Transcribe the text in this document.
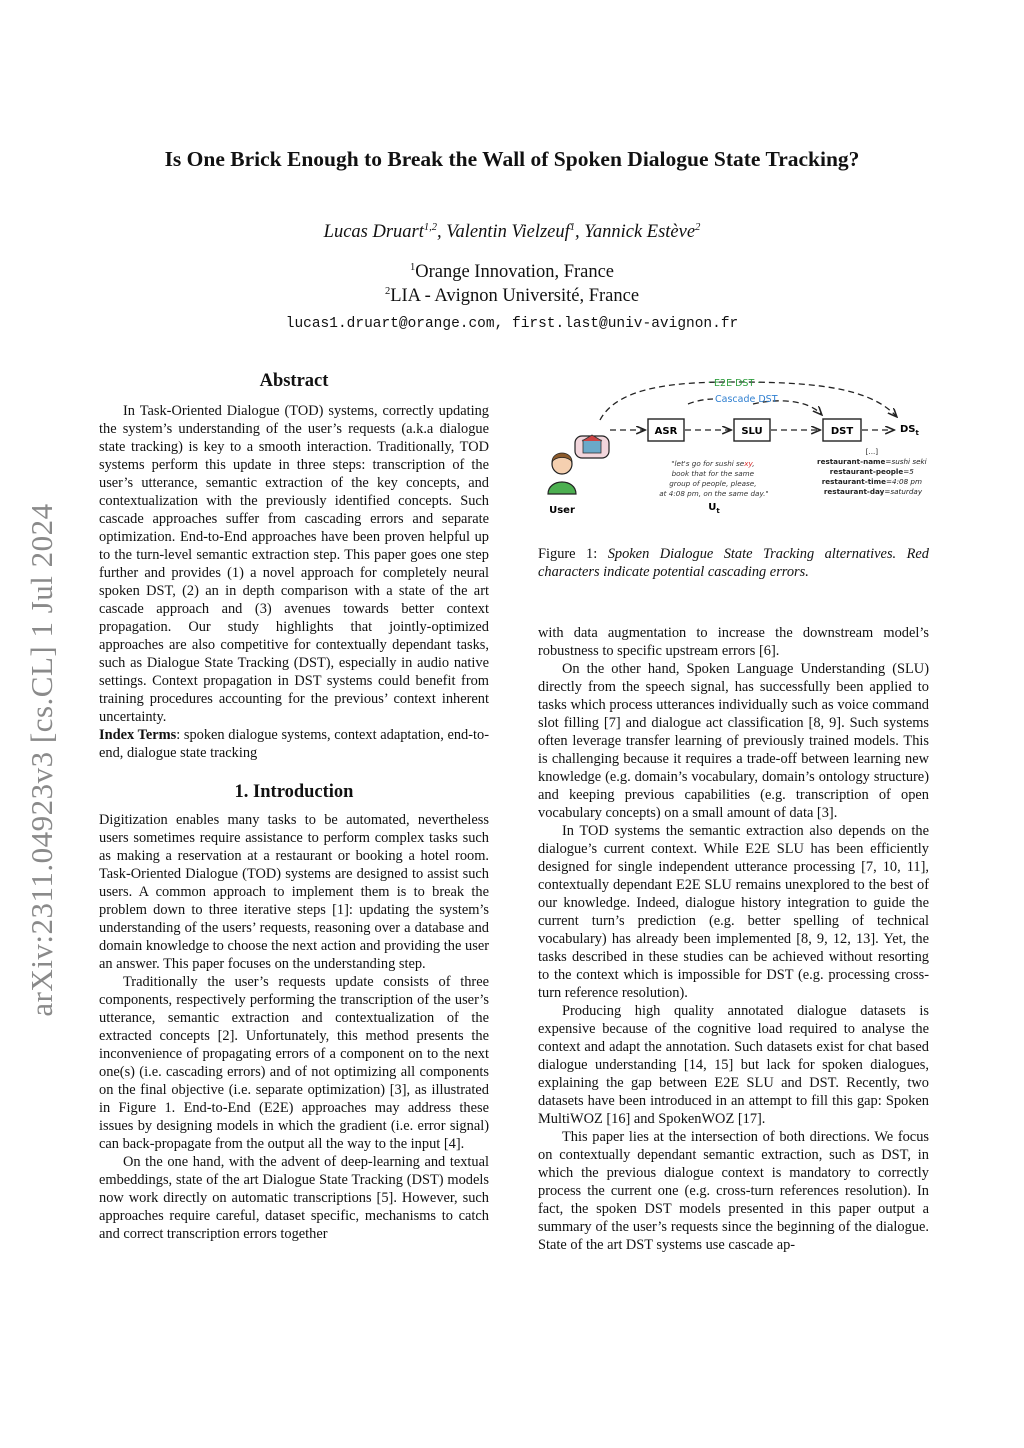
arXiv:2311.04923v3 [cs.CL] 1 Jul 2024
Is One Brick Enough to Break the Wall of Spoken Dialogue State Tracking?
Lucas Druart$^{1,2}$, Valentin Vielzeuf$^1$, Yannick Estève$^2$
$^1$Orange Innovation, France
$^2$LIA - Avignon Université, France
lucas1.druart@orange.com, first.last@univ-avignon.fr

Abstract

In Task-Oriented Dialogue (TOD) systems, correctly updating the system’s understanding of the user’s requests (a.k.a dialogue state tracking) is key to a smooth interaction. Traditionally, TOD systems perform this update in three steps: transcription of the user’s utterance, semantic extraction of the key concepts, and contextualization with the previously identified concepts. Such cascade approaches suffer from cascading errors and separate optimization. End-to-End approaches have been proven helpful up to the turn-level semantic extraction step. This paper goes one step further and provides (1) a novel approach for completely neural spoken DST, (2) an in depth comparison with a state of the art cascade approach and (3) avenues towards better context propagation. Our study highlights that jointly-optimized approaches are also competitive for contextually dependant tasks, such as Dialogue State Tracking (DST), especially in audio native settings. Context propagation in DST systems could benefit from training procedures accounting for the previous’ context inherent uncertainty.

Index Terms: spoken dialogue systems, context adaptation, end-to-end, dialogue state tracking

1. Introduction

Digitization enables many tasks to be automated, nevertheless users sometimes require assistance to perform complex tasks such as making a reservation at a restaurant or booking a hotel room. Task-Oriented Dialogue (TOD) systems are designed to assist such users. A common approach to implement them is to break the problem down to three iterative steps [1]: updating the system’s understanding of the users’ requests, reasoning over a database and domain knowledge to choose the next action and providing the user an answer. This paper focuses on the understanding step.

Traditionally the user’s requests update consists of three components, respectively performing the transcription of the user’s utterance, semantic extraction and contextualization of the extracted concepts [2]. Unfortunately, this method presents the inconvenience of propagating errors of a component on to the next one(s) (i.e. cascading errors) and of not optimizing all components on the final objective (i.e. separate optimization) [3], as illustrated in Figure 1. End-to-End (E2E) approaches may address these issues by designing models in which the gradient (i.e. error signal) can back-propagate from the output all the way to the input [4].

On the one hand, with the advent of deep-learning and textual embeddings, state of the art Dialogue State Tracking (DST) models now work directly on automatic transcriptions [5]. However, such approaches require careful, dataset specific, mechanisms to catch and correct transcription errors together

· E2E DST ·
Cascade DST
ASR	SLU	DST	$DS_t$
User
"let's go for sushi sexy, book that for the same group of people, please, at 4:08 pm, on the same day."
$U_t$
[...] restaurant-name=sushi seki restaurant-people=5 restaurant-time=4:08 pm restaurant-day=saturday
Figure 1: Spoken Dialogue State Tracking alternatives. Red characters indicate potential cascading errors.

with data augmentation to increase the downstream model’s robustness to specific upstream errors [6].

On the other hand, Spoken Language Understanding (SLU) directly from the speech signal, has successfully been applied to tasks which process utterances individually such as voice command slot filling [7] and dialogue act classification [8, 9]. Such systems often leverage transfer learning of previously trained models. This is challenging because it requires a trade-off between learning new knowledge (e.g. domain’s vocabulary, domain’s ontology structure) and keeping previous capabilities (e.g. transcription of open vocabulary concepts) on a small amount of data [3].

In TOD systems the semantic extraction also depends on the dialogue’s current context. While E2E SLU has been efficiently designed for single independent utterance processing [7, 10, 11], contextually dependant E2E SLU remains unexplored to the best of our knowledge. Indeed, dialogue history integration to guide the current turn’s prediction (e.g. better spelling of technical vocabulary) has already been implemented [8, 9, 12, 13]. Yet, the tasks described in these studies can be achieved without resorting to the context which is impossible for DST (e.g. processing cross-turn reference resolution).

Producing high quality annotated dialogue datasets is expensive because of the cognitive load required to analyse the context and adapt the annotation. Such datasets exist for chat based dialogue understanding [14, 15] but lack for spoken dialogues, explaining the gap between E2E SLU and DST. Recently, two datasets have been introduced in an attempt to fill this gap: Spoken MultiWOZ [16] and SpokenWOZ [17].

This paper lies at the intersection of both directions. We focus on contextually dependant semantic extraction, such as DST, in which the previous dialogue context is mandatory to correctly process the current one (e.g. cross-turn references resolution). In fact, the spoken DST models presented in this paper output a summary of the user’s requests since the beginning of the dialogue. State of the art DST systems use cascade ap-
